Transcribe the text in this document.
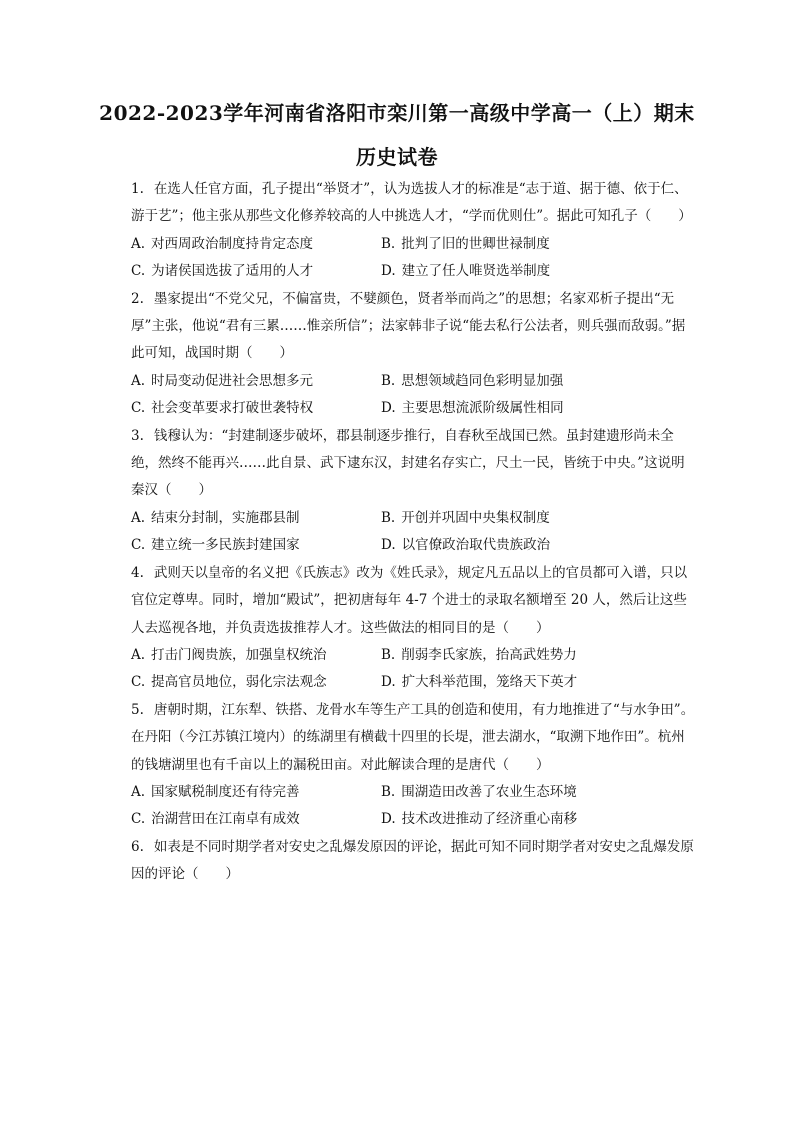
2022-2023学年河南省洛阳市栾川第一高级中学高一（上）期末
历史试卷

1. 在选人任官方面，孔子提出“举贤才”，认为选拔人才的标准是“志于道、据于德、依于仁、游于艺”；他主张从那些文化修养较高的人中挑选人才，“学而优则仕”。据此可知孔子（　　）

A. 对西周政治制度持肯定态度	B. 批判了旧的世卿世禄制度
C. 为诸侯国选拔了适用的人才	D. 建立了任人唯贤选举制度

2. 墨家提出“不党父兄，不偏富贵，不嬖颜色，贤者举而尚之”的思想；名家邓析子提出“无厚”主张，他说“君有三累……惟亲所信”；法家韩非子说“能去私行公法者，则兵强而敌弱。”据此可知，战国时期（　　）

A. 时局变动促进社会思想多元	B. 思想领域趋同色彩明显加强
C. 社会变革要求打破世袭特权	D. 主要思想流派阶级属性相同

3. 钱穆认为：“封建制逐步破坏，郡县制逐步推行，自春秋至战国已然。虽封建遗形尚未全绝，然终不能再兴……此自景、武下逮东汉，封建名存实亡，尺土一民，皆统于中央。”这说明秦汉（　　）

A. 结束分封制，实施郡县制	B. 开创并巩固中央集权制度
C. 建立统一多民族封建国家	D. 以官僚政治取代贵族政治

4. 武则天以皇帝的名义把《氏族志》改为《姓氏录》，规定凡五品以上的官员都可入谱，只以官位定尊卑。同时，增加“殿试”，把初唐每年 4-7 个进士的录取名额增至 20 人，然后让这些人去巡视各地，并负责选拔推荐人才。这些做法的相同目的是（　　）

A. 打击门阀贵族，加强皇权统治	B. 削弱李氏家族，抬高武姓势力
C. 提高官员地位，弱化宗法观念	D. 扩大科举范围，笼络天下英才

5. 唐朝时期，江东犁、铁搭、龙骨水车等生产工具的创造和使用，有力地推进了“与水争田”。在丹阳（今江苏镇江境内）的练湖里有横截十四里的长堤，泄去湖水，“取溯下地作田”。杭州的钱塘湖里也有千亩以上的漏税田亩。对此解读合理的是唐代（　　）

A. 国家赋税制度还有待完善	B. 围湖造田改善了农业生态环境
C. 治湖营田在江南卓有成效	D. 技术改进推动了经济重心南移

6. 如表是不同时期学者对安史之乱爆发原因的评论，据此可知不同时期学者对安史之乱爆发原因的评论（　　）
